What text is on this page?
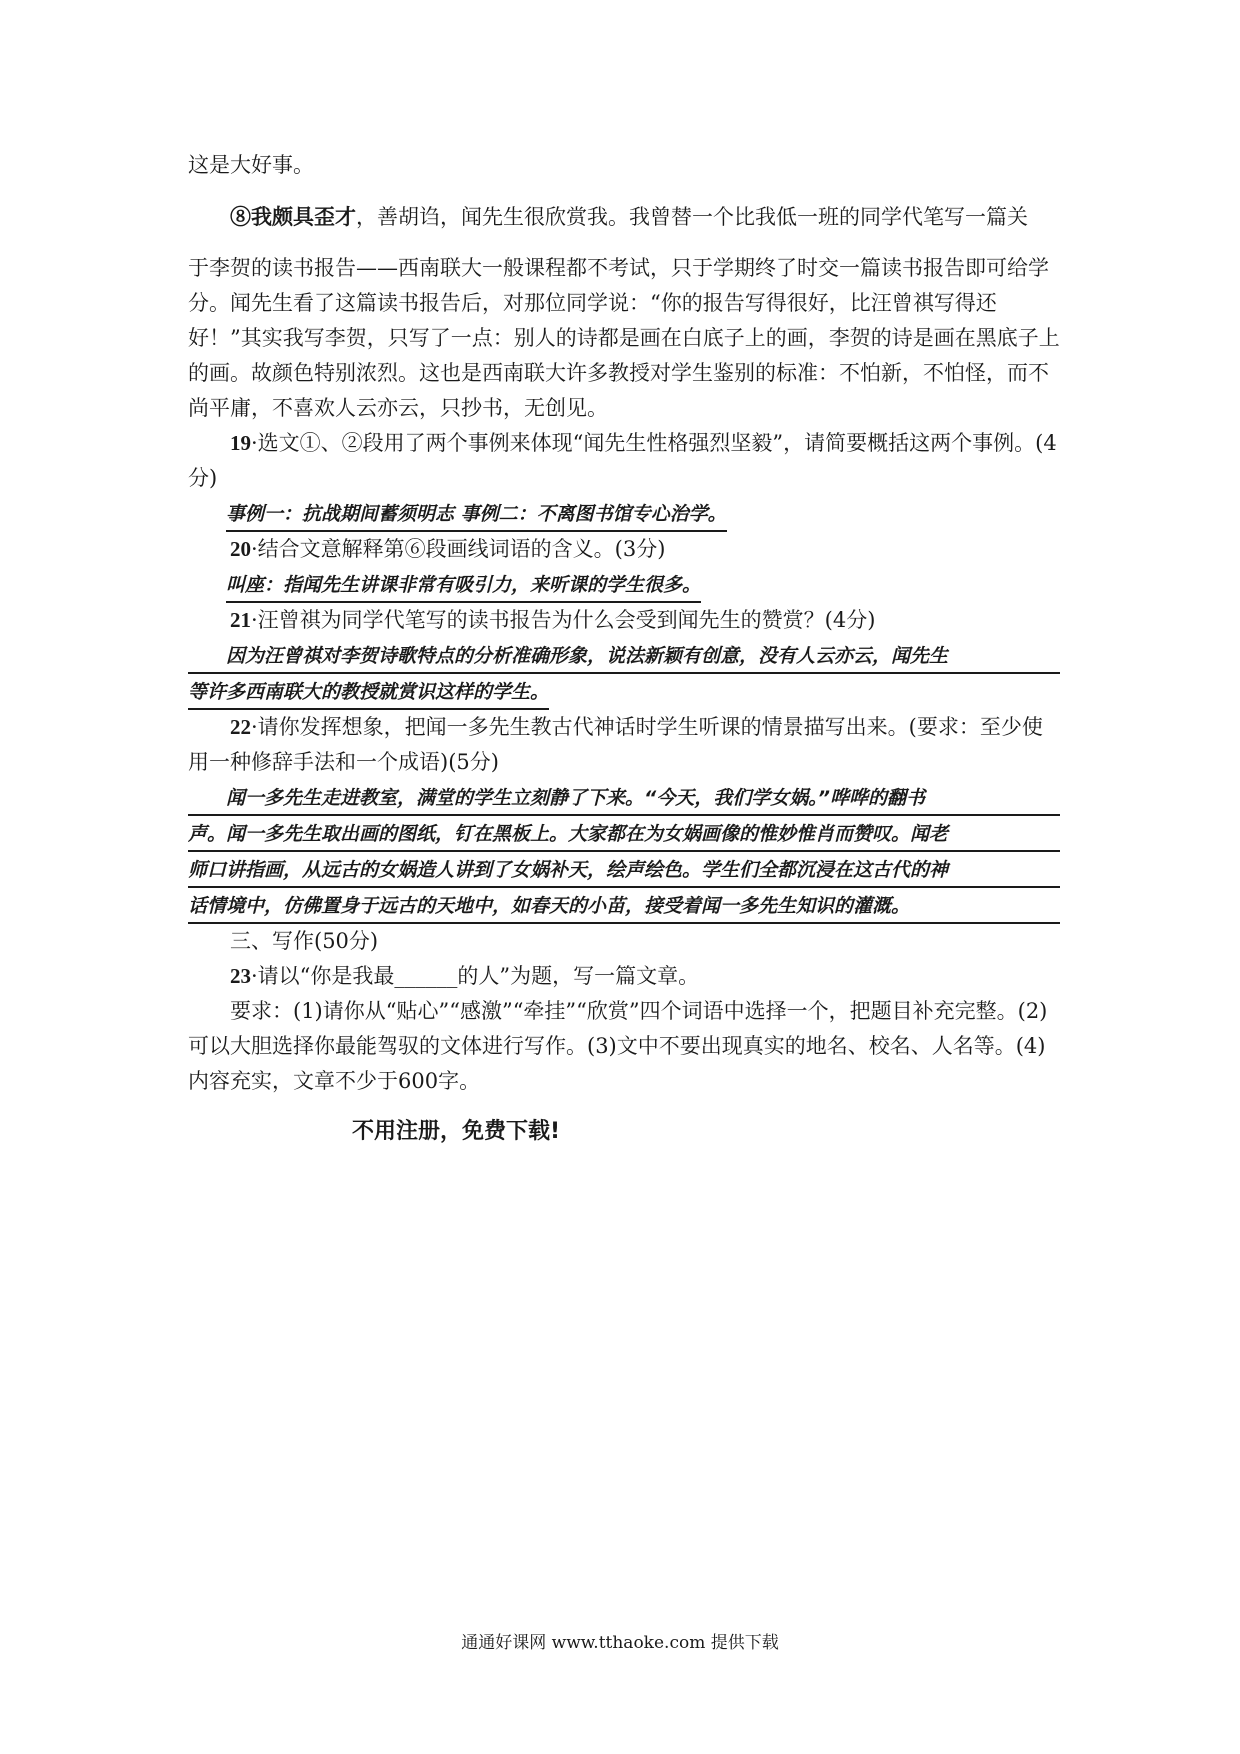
这是大好事。

⑧我颇具歪才，善胡诌，闻先生很欣赏我。我曾替一个比我低一班的同学代笔写一篇关

于李贺的读书报告——西南联大一般课程都不考试，只于学期终了时交一篇读书报告即可给学分。闻先生看了这篇读书报告后，对那位同学说：“你的报告写得很好，比汪曾祺写得还好！”其实我写李贺，只写了一点：别人的诗都是画在白底子上的画，李贺的诗是画在黑底子上的画。故颜色特别浓烈。这也是西南联大许多教授对学生鉴别的标准：不怕新，不怕怪，而不尚平庸，不喜欢人云亦云，只抄书，无创见。

19·选文①、②段用了两个事例来体现“闻先生性格强烈坚毅”，请简要概括这两个事例。(4分)

事例一：抗战期间蓄须明志 事例二：不离图书馆专心治学。

20·结合文意解释第⑥段画线词语的含义。(3分)

叫座：指闻先生讲课非常有吸引力，来听课的学生很多。

21·汪曾祺为同学代笔写的读书报告为什么会受到闻先生的赞赏？(4分)

因为汪曾祺对李贺诗歌特点的分析准确形象，说法新颖有创意，没有人云亦云，闻先生
等许多西南联大的教授就赏识这样的学生。

22·请你发挥想象，把闻一多先生教古代神话时学生听课的情景描写出来。(要求：至少使用一种修辞手法和一个成语)(5分)

闻一多先生走进教室，满堂的学生立刻静了下来。“今天，我们学女娲。”哗哗的翻书
声。闻一多先生取出画的图纸，钉在黑板上。大家都在为女娲画像的惟妙惟肖而赞叹。闻老
师口讲指画，从远古的女娲造人讲到了女娲补天，绘声绘色。学生们全都沉浸在这古代的神
话情境中，仿佛置身于远古的天地中，如春天的小苗，接受着闻一多先生知识的灌溉。

三、写作(50分)

23·请以“你是我最______的人”为题，写一篇文章。

要求：(1)请你从“贴心”“感激”“牵挂”“欣赏”四个词语中选择一个，把题目补充完整。(2)可以大胆选择你最能驾驭的文体进行写作。(3)文中不要出现真实的地名、校名、人名等。(4)内容充实，文章不少于600字。

不用注册，免费下载!
通通好课网 www.tthaoke.com 提供下载
